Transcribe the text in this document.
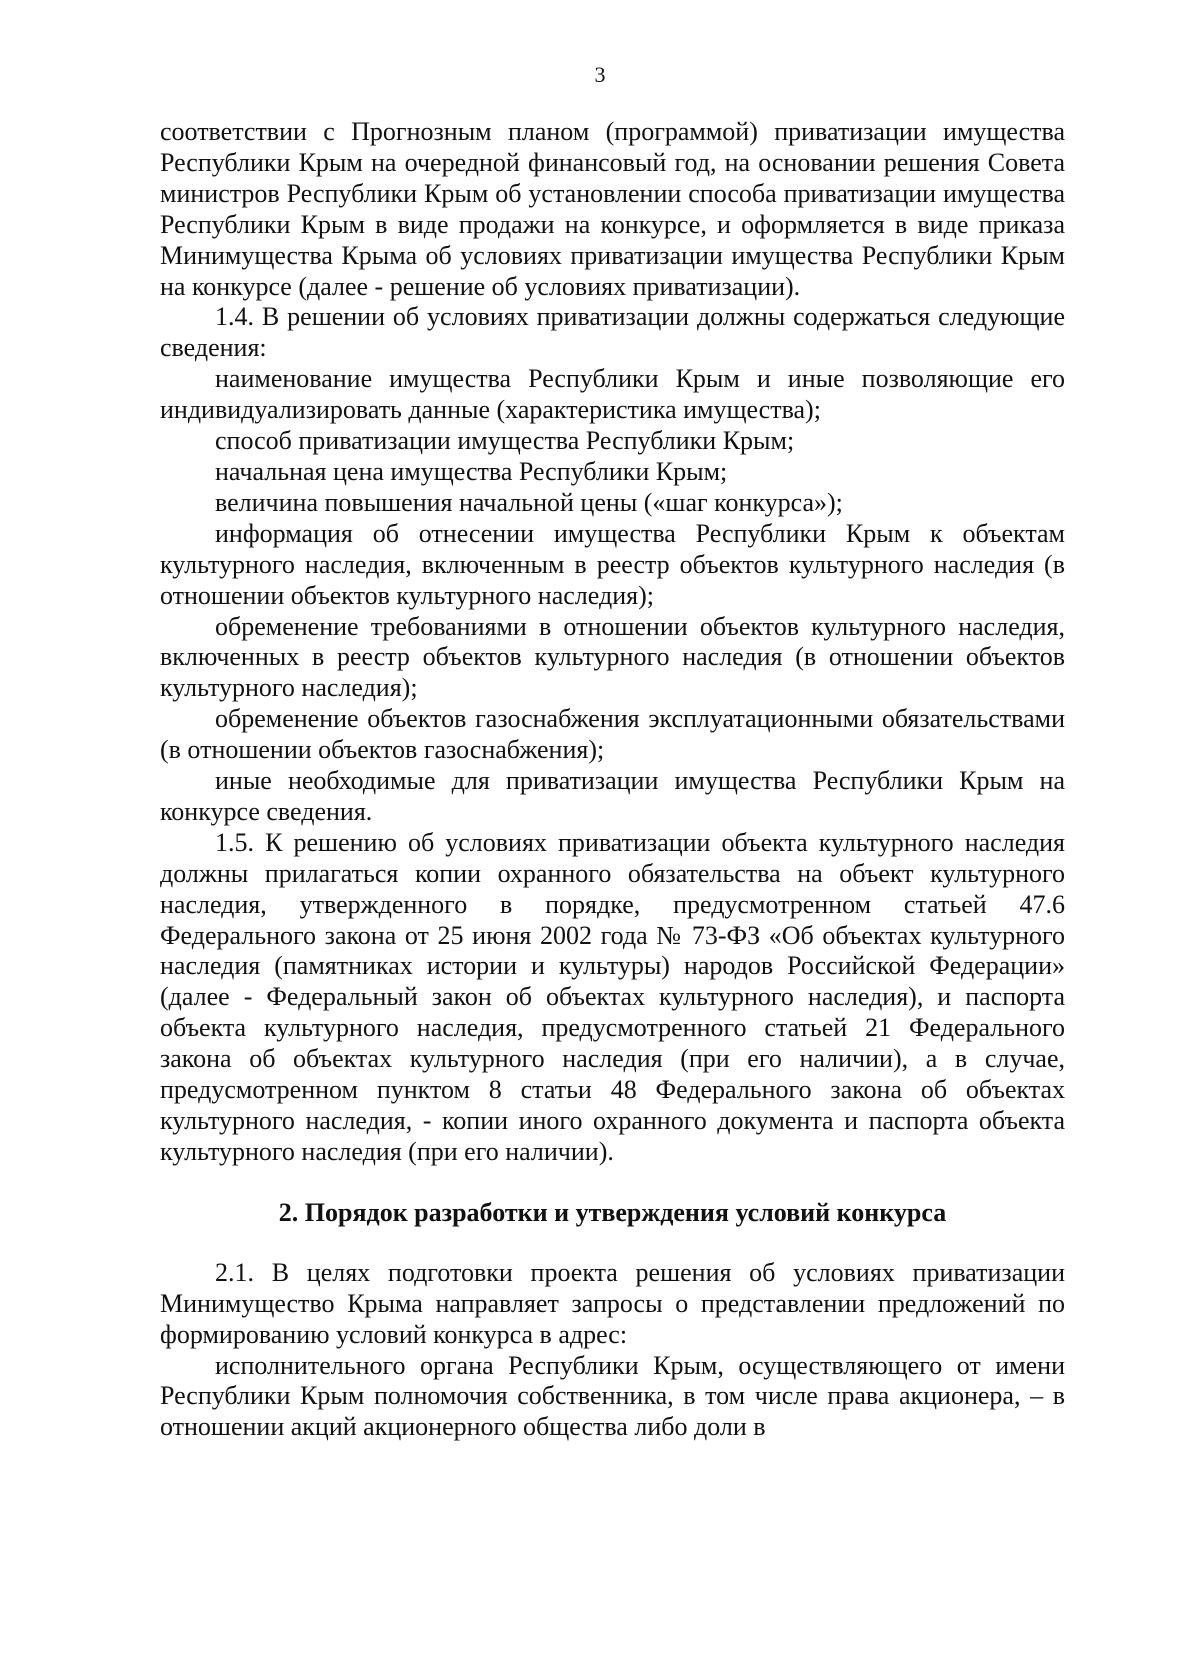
3

соответствии с Прогнозным планом (программой) приватизации имущества Республики Крым на очередной финансовый год, на основании решения Совета министров Республики Крым об установлении способа приватизации имущества Республики Крым в виде продажи на конкурсе, и оформляется в виде приказа Минимущества Крыма об условиях приватизации имущества Республики Крым на конкурсе (далее - решение об условиях приватизации).

1.4. В решении об условиях приватизации должны содержаться следующие сведения:

наименование имущества Республики Крым и иные позволяющие его индивидуализировать данные (характеристика имущества);

способ приватизации имущества Республики Крым;

начальная цена имущества Республики Крым;

величина повышения начальной цены («шаг конкурса»);

информация об отнесении имущества Республики Крым к объектам культурного наследия, включенным в реестр объектов культурного наследия (в отношении объектов культурного наследия);

обременение требованиями в отношении объектов культурного наследия, включенных в реестр объектов культурного наследия (в отношении объектов культурного наследия);

обременение объектов газоснабжения эксплуатационными обязательствами (в отношении объектов газоснабжения);

иные необходимые для приватизации имущества Республики Крым на конкурсе сведения.

1.5. К решению об условиях приватизации объекта культурного наследия должны прилагаться копии охранного обязательства на объект культурного наследия, утвержденного в порядке, предусмотренном статьей 47.6 Федерального закона от 25 июня 2002 года № 73-ФЗ «Об объектах культурного наследия (памятниках истории и культуры) народов Российской Федерации» (далее - Федеральный закон об объектах культурного наследия), и паспорта объекта культурного наследия, предусмотренного статьей 21 Федерального закона об объектах культурного наследия (при его наличии), а в случае, предусмотренном пунктом 8 статьи 48 Федерального закона об объектах культурного наследия, - копии иного охранного документа и паспорта объекта культурного наследия (при его наличии).

2. Порядок разработки и утверждения условий конкурса

2.1. В целях подготовки проекта решения об условиях приватизации Минимущество Крыма направляет запросы о представлении предложений по формированию условий конкурса в адрес:

исполнительного органа Республики Крым, осуществляющего от имени Республики Крым полномочия собственника, в том числе права акционера, – в отношении акций акционерного общества либо доли в
